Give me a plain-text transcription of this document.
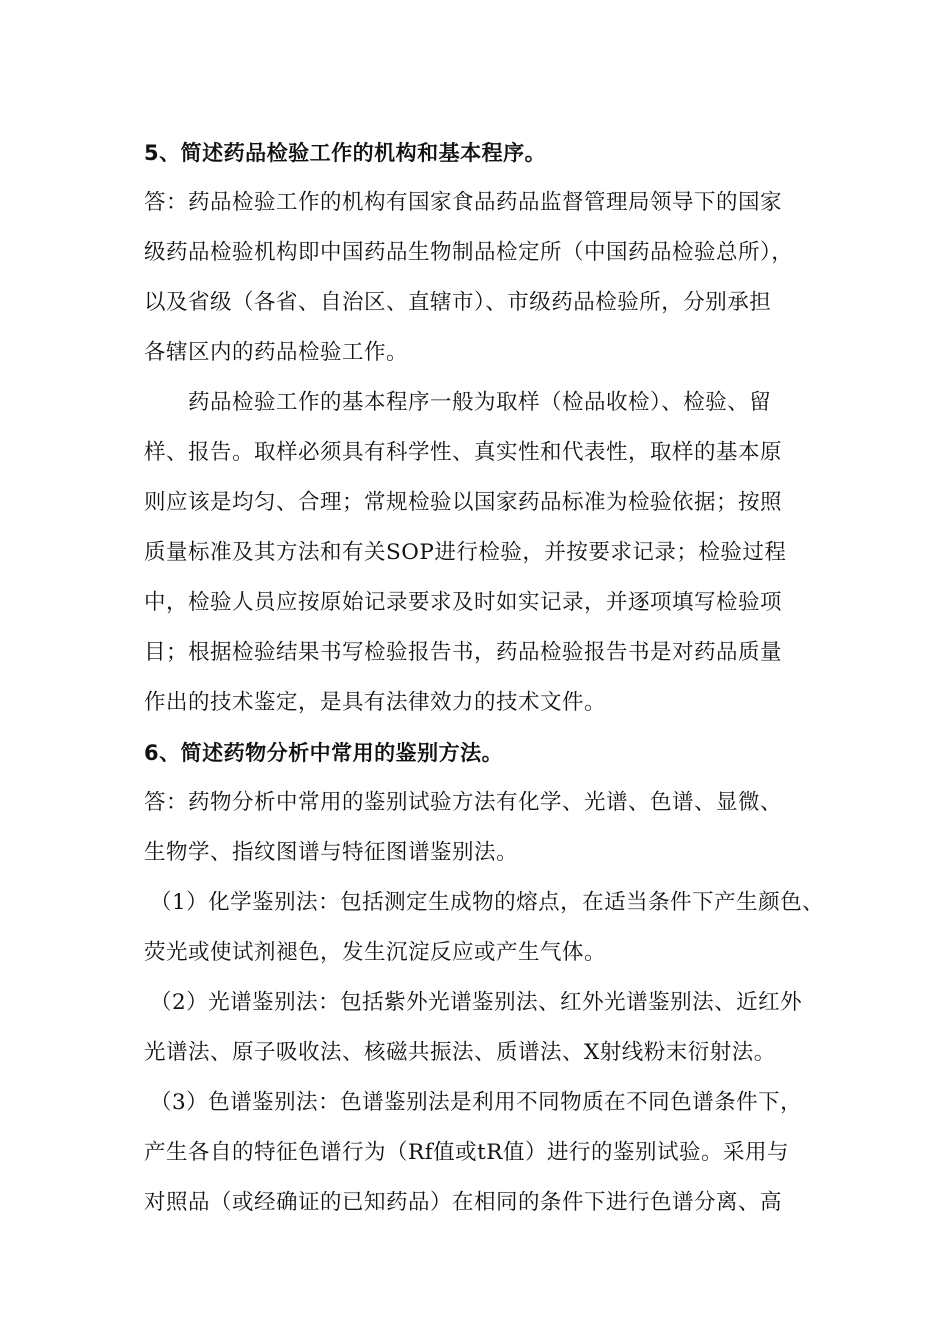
5、简述药品检验工作的机构和基本程序。
答：药品检验工作的机构有国家食品药品监督管理局领导下的国家
级药品检验机构即中国药品生物制品检定所（中国药品检验总所），
以及省级（各省、自治区、直辖市）、市级药品检验所，分别承担
各辖区内的药品检验工作。
药品检验工作的基本程序一般为取样（检品收检）、检验、留
样、报告。取样必须具有科学性、真实性和代表性，取样的基本原
则应该是均匀、合理；常规检验以国家药品标准为检验依据；按照
质量标准及其方法和有关SOP进行检验，并按要求记录；检验过程
中，检验人员应按原始记录要求及时如实记录，并逐项填写检验项
目；根据检验结果书写检验报告书，药品检验报告书是对药品质量
作出的技术鉴定，是具有法律效力的技术文件。
6、简述药物分析中常用的鉴别方法。
答：药物分析中常用的鉴别试验方法有化学、光谱、色谱、显微、
生物学、指纹图谱与特征图谱鉴别法。
（1）化学鉴别法：包括测定生成物的熔点，在适当条件下产生颜色、
荧光或使试剂褪色，发生沉淀反应或产生气体。
（2）光谱鉴别法：包括紫外光谱鉴别法、红外光谱鉴别法、近红外
光谱法、原子吸收法、核磁共振法、质谱法、X射线粉末衍射法。
（3）色谱鉴别法：色谱鉴别法是利用不同物质在不同色谱条件下，
产生各自的特征色谱行为（Rf值或tR值）进行的鉴别试验。采用与
对照品（或经确证的已知药品）在相同的条件下进行色谱分离、高
